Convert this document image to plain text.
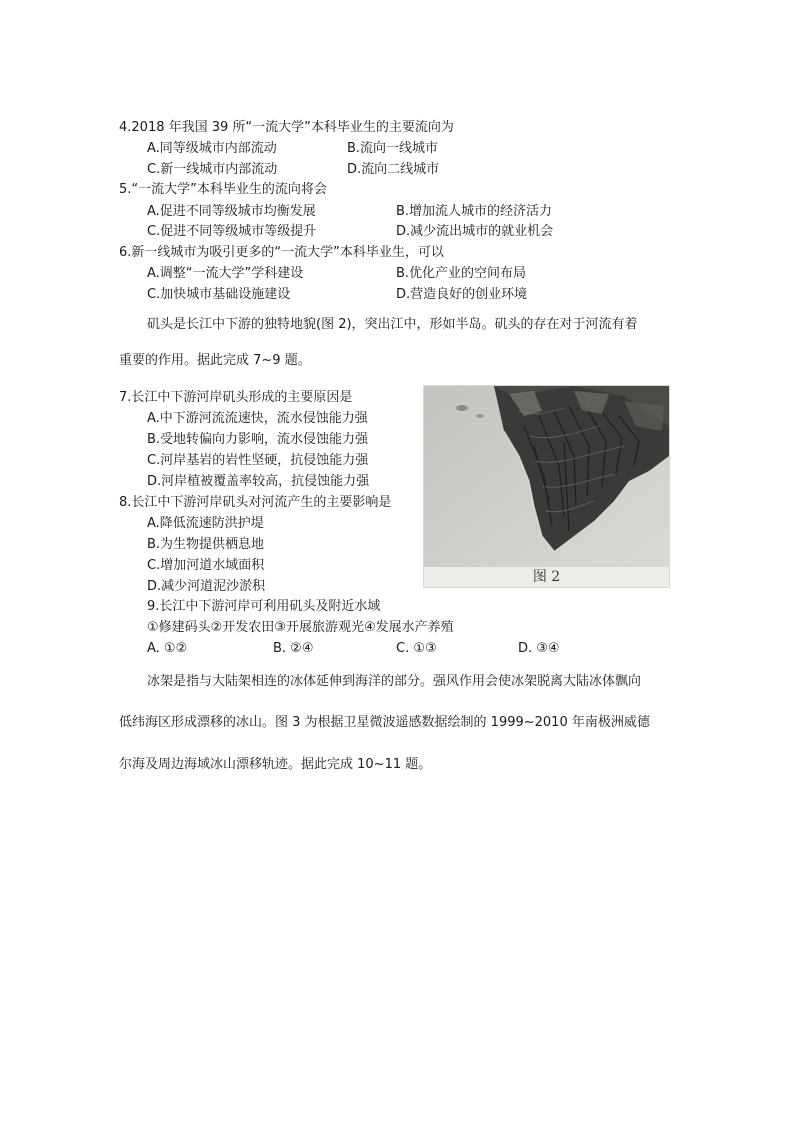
4.2018 年我国 39 所“一流大学”本科毕业生的主要流向为
A.同等级城市内部流动	B.流向一线城市
C.新一线城市内部流动	D.流向二线城市
5.“一流大学”本科毕业生的流向将会
A.促进不同等级城市均衡发展	B.增加流人城市的经济活力
C.促进不同等级城市等级提升	D.减少流出城市的就业机会
6.新一线城市为吸引更多的“一流大学”本科毕业生，可以
A.调整“一流大学”学科建设	B.优化产业的空间布局
C.加快城市基础设施建设	D.营造良好的创业环境
矶头是长江中下游的独特地貌(图 2)，突出江中，形如半岛。矶头的存在对于河流有着
重要的作用。据此完成 7~9 题。
7.长江中下游河岸矶头形成的主要原因是
A.中下游河流流速快，流水侵蚀能力强
B.受地转偏向力影响，流水侵蚀能力强
C.河岸基岩的岩性坚硬，抗侵蚀能力强
D.河岸植被覆盖率较高，抗侵蚀能力强
8.长江中下游河岸矶头对河流产生的主要影响是
A.降低流速防洪护堤
B.为生物提供栖息地
C.增加河道水域面积
D.减少河道泥沙淤积
9.长江中下游河岸可利用矶头及附近水域
①修建码头②开发农田③开展旅游观光④发展水产养殖
A. ①②	B. ②④	C. ①③	D. ③④
图 2
冰架是指与大陆架相连的冰体延伸到海洋的部分。强风作用会使冰架脱离大陆冰体飘向
低纬海区形成漂移的冰山。图 3 为根据卫星微波遥感数据绘制的 1999~2010 年南极洲威德
尔海及周边海域冰山漂移轨迹。据此完成 10~11 题。
